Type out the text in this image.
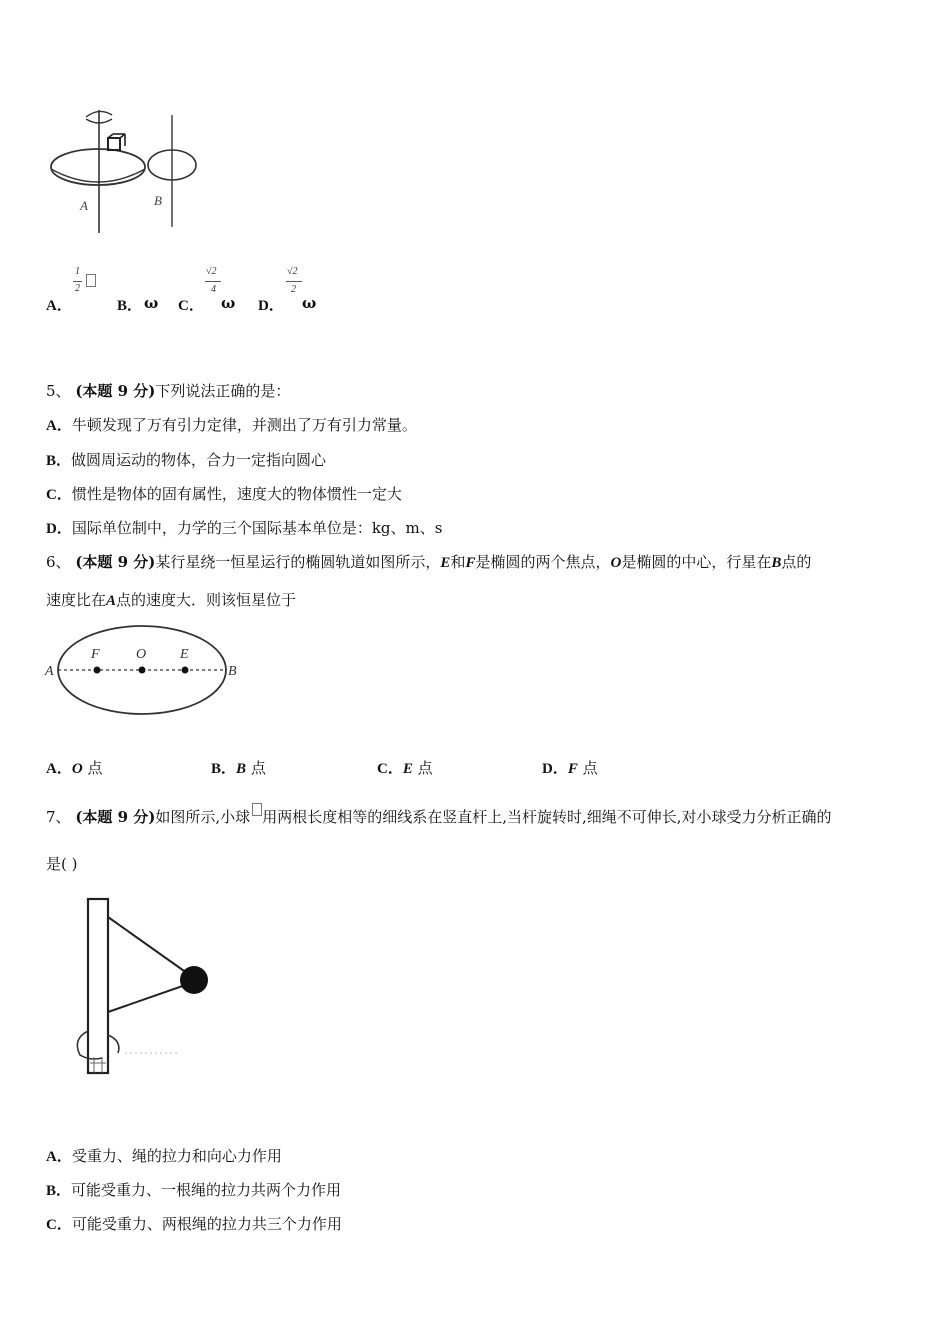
A	B
A．
1
2
B． ω C．
√2
4
ω D．
√2
2
ω
5、 (本题 9 分)下列说法正确的是：
A．牛顿发现了万有引力定律，并测出了万有引力常量。
B．做圆周运动的物体，合力一定指向圆心
C．惯性是物体的固有属性，速度大的物体惯性一定大
D．国际单位制中，力学的三个国际基本单位是：kg、m、s
6、 (本题 9 分)某行星绕一恒星运行的椭圆轨道如图所示，E和F是椭圆的两个焦点，O是椭圆的中心，行星在B点的
速度比在A点的速度大．则该恒星位于
A
F	O E
B
A．O 点	B．B 点	C．E 点	D．F 点
7、 (本题 9 分)如图所示,小球 用两根长度相等的细线系在竖直杆上,当杆旋转时,细绳不可伸长,对小球受力分析正确的
是( )
A．受重力、绳的拉力和向心力作用
B．可能受重力、一根绳的拉力共两个力作用
C．可能受重力、两根绳的拉力共三个力作用
